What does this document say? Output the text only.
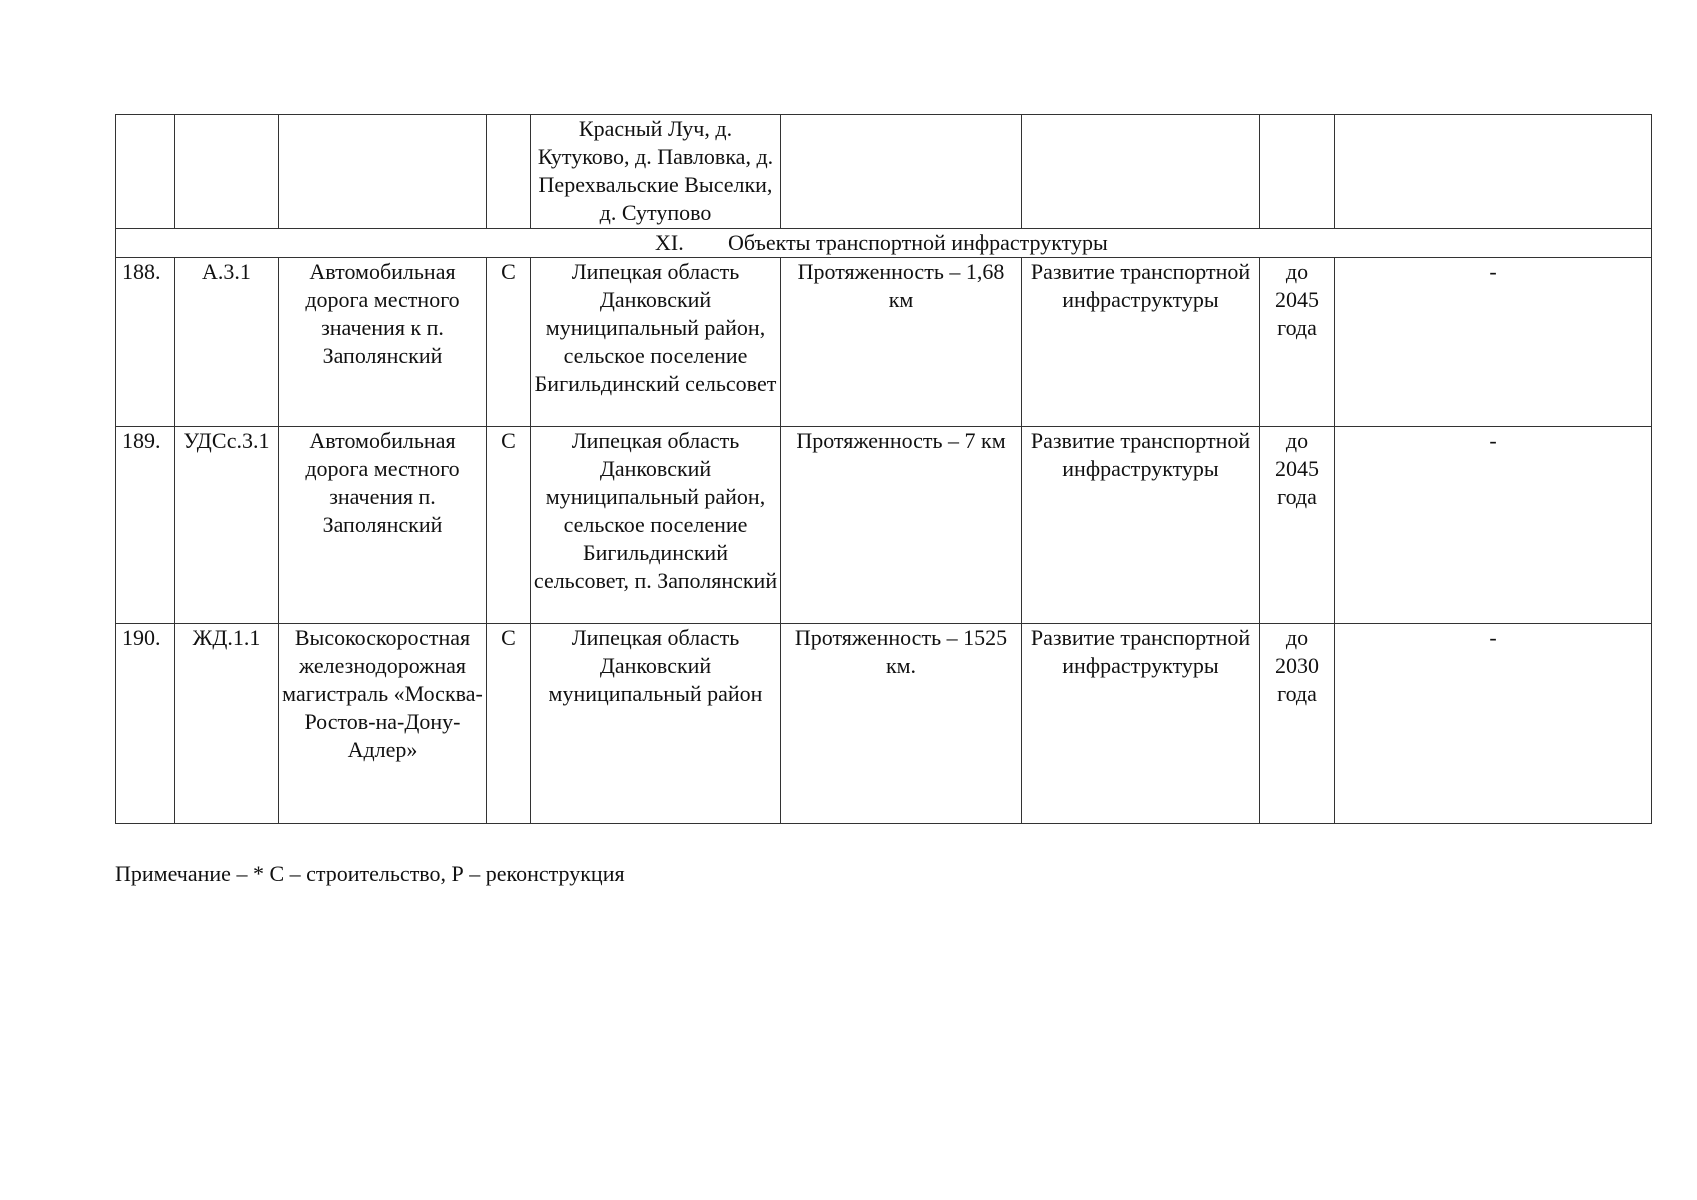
				Красный Луч, д. Кутуково, д. Павловка, д. Перехвальские Выселки, д. Сутупово				
XI. Объекты транспортной инфраструктуры								
188.	А.3.1	Автомобильная дорога местного значения к п. Заполянский	С	Липецкая область Данковский муниципальный район, сельское поселение Бигильдинский сельсовет	Протяженность – 1,68 км	Развитие транспортной инфраструктуры	до 2045 года	-
189.	УДСс.3.1	Автомобильная дорога местного значения п. Заполянский	С	Липецкая область Данковский муниципальный район, сельское поселение Бигильдинский сельсовет, п. Заполянский	Протяженность – 7 км	Развитие транспортной инфраструктуры	до 2045 года	-
190.	ЖД.1.1	Высокоскоростная железнодорожная магистраль «Москва-Ростов-на-Дону-Адлер»	С	Липецкая область Данковский муниципальный район	Протяженность – 1525 км.	Развитие транспортной инфраструктуры	до 2030 года	-
Примечание – * С – строительство, Р – реконструкция
